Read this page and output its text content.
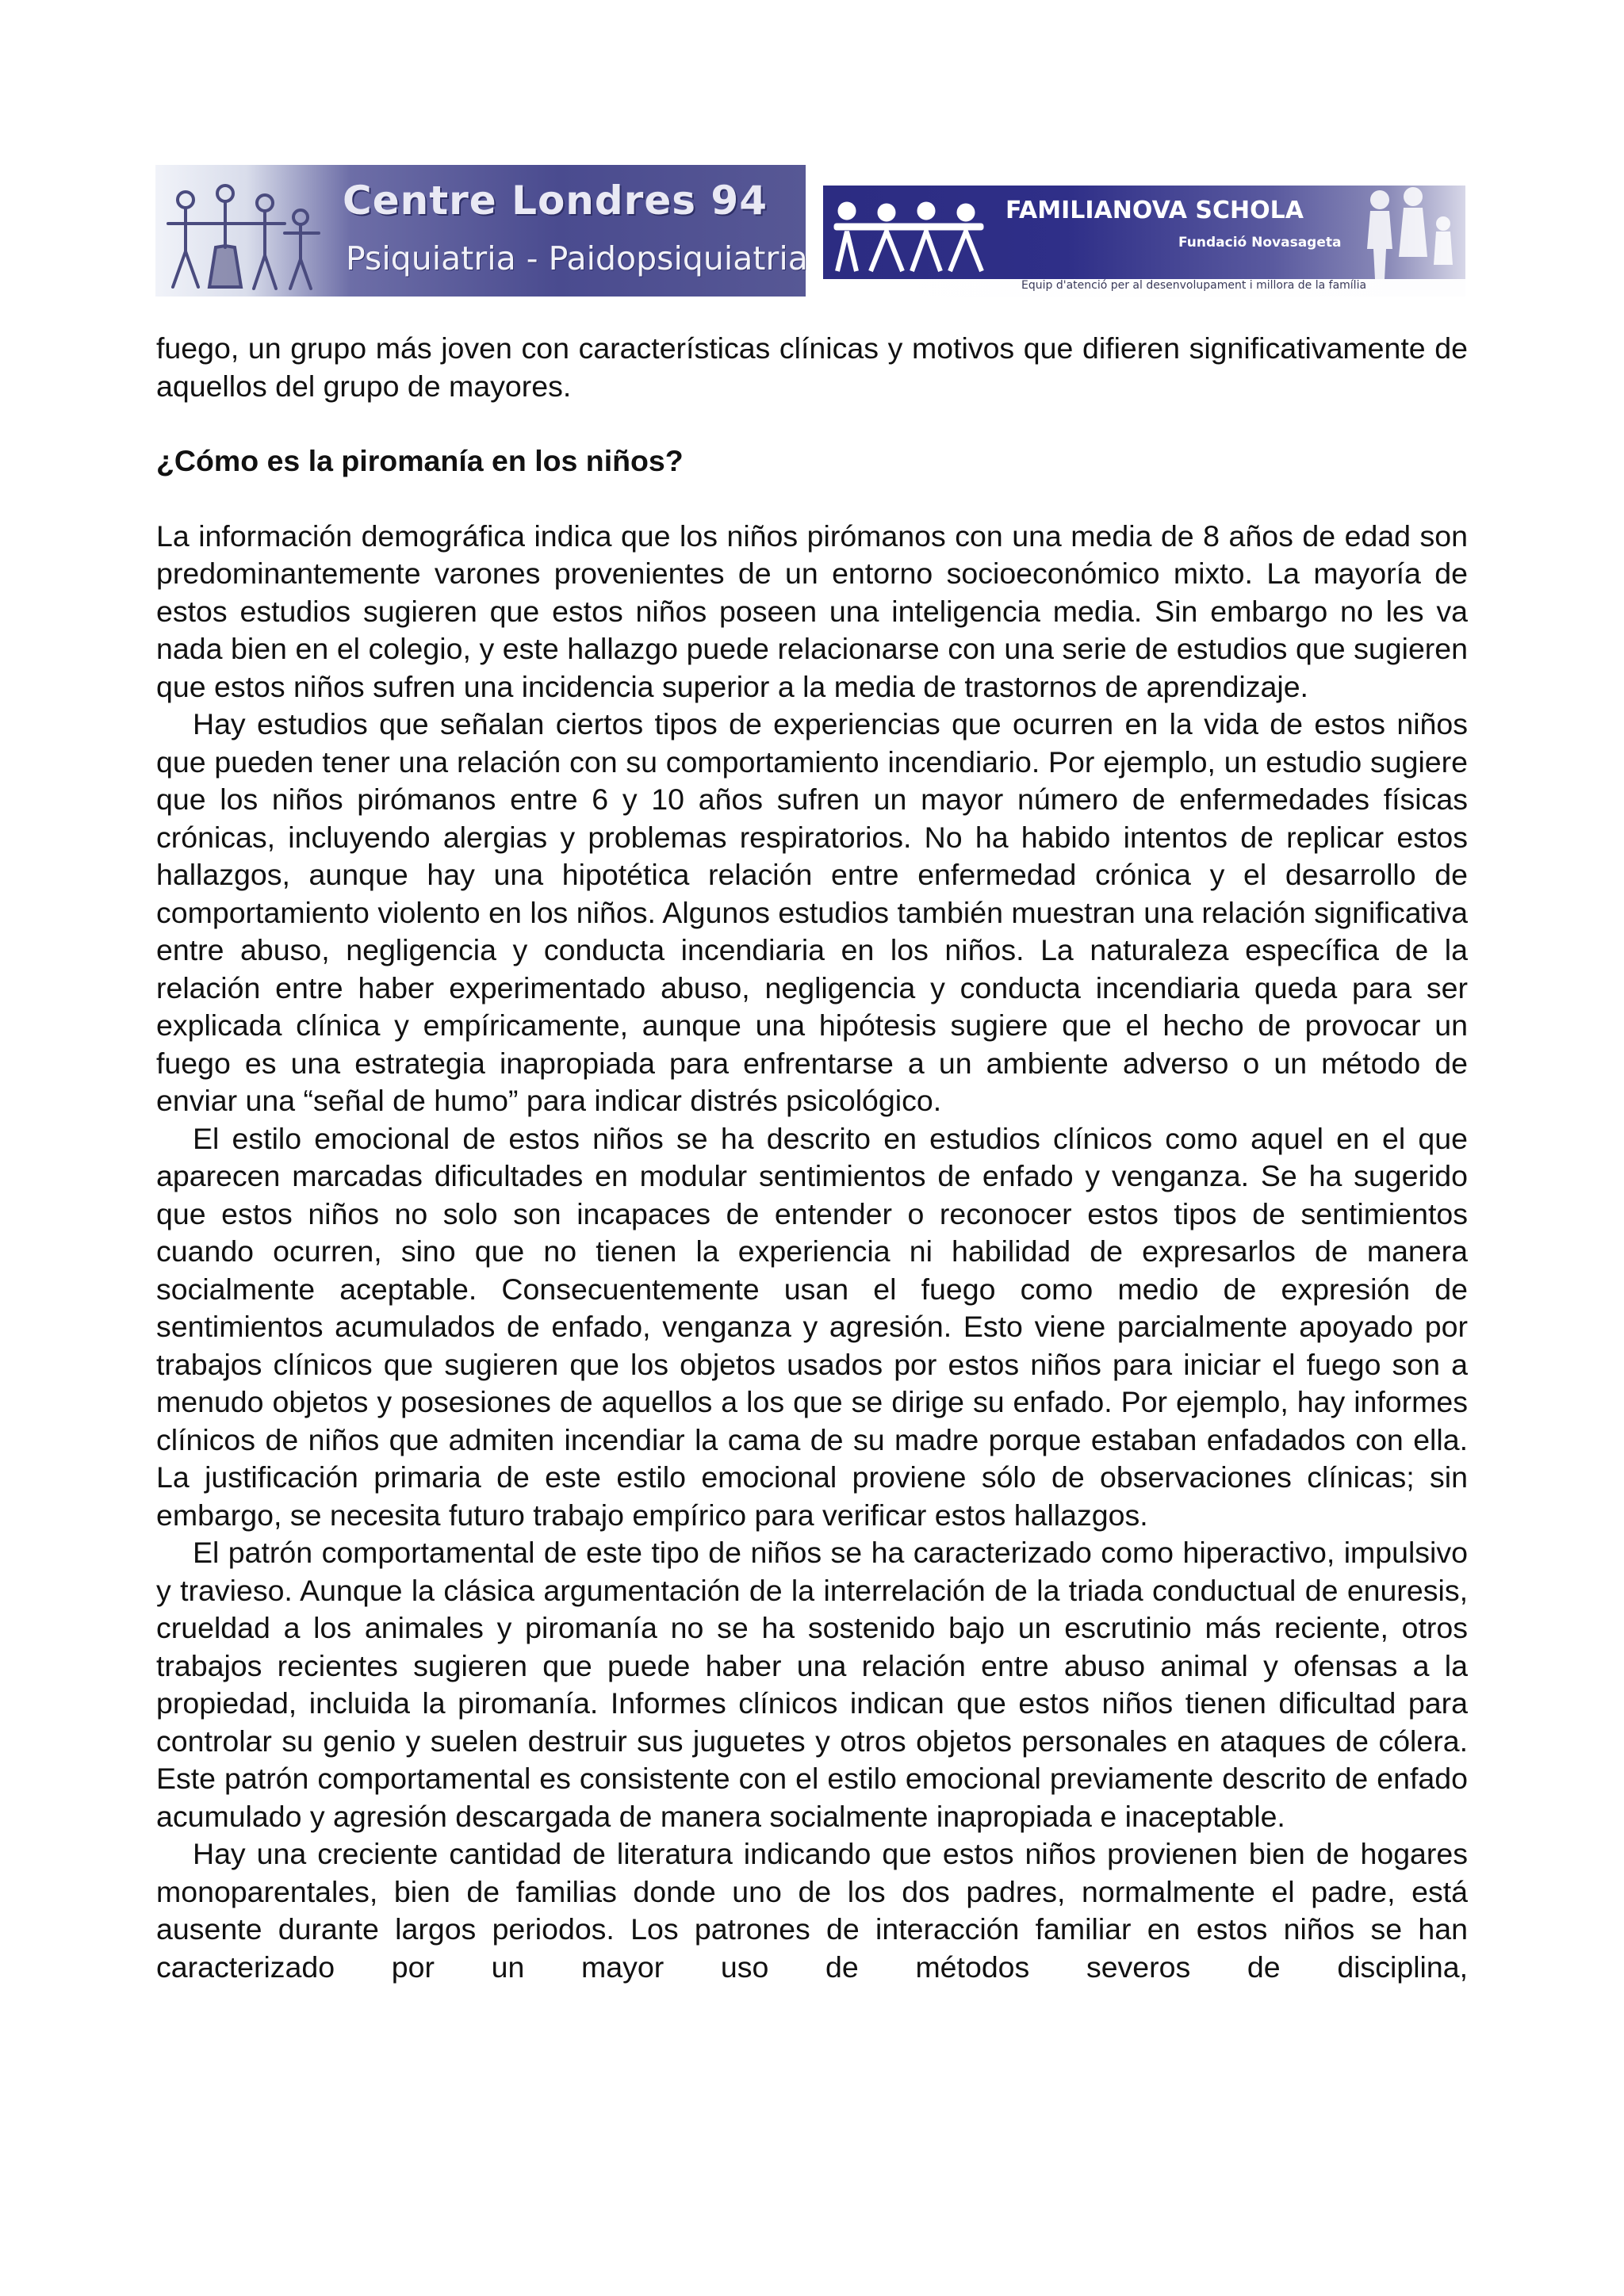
Centre Londres 94

Psiquiatria - Paidopsiquiatria

FAMILIANOVA SCHOLA

Fundació Novasageta

Equip d'atenció per al desenvolupament i millora de la família

fuego, un grupo más joven con características clínicas y motivos que difieren significativamente de aquellos del grupo de mayores.

¿Cómo es la piromanía en los niños?

La información demográfica indica que los niños pirómanos con una media de 8 años de edad son predominantemente varones provenientes de un entorno socioeconómico mixto. La mayoría de estos estudios sugieren que estos niños poseen una inteligencia media. Sin embargo no les va nada bien en el colegio, y este hallazgo puede relacionarse con una serie de estudios que sugieren que estos niños sufren una incidencia superior a la media de trastornos de aprendizaje.

Hay estudios que señalan ciertos tipos de experiencias que ocurren en la vida de estos niños que pueden tener una relación con su comportamiento incendiario. Por ejemplo, un estudio sugiere que los niños pirómanos entre 6 y 10 años sufren un mayor número de enfermedades físicas crónicas, incluyendo alergias y problemas respiratorios. No ha habido intentos de replicar estos hallazgos, aunque hay una hipotética relación entre enfermedad crónica y el desarrollo de comportamiento violento en los niños. Algunos estudios también muestran una relación significativa entre abuso, negligencia y conducta incendiaria en los niños. La naturaleza específica de la relación entre haber experimentado abuso, negligencia y conducta incendiaria queda para ser explicada clínica y empíricamente, aunque una hipótesis sugiere que el hecho de provocar un fuego es una estrategia inapropiada para enfrentarse a un ambiente adverso o un método de enviar una “señal de humo” para indicar distrés psicológico.

El estilo emocional de estos niños se ha descrito en estudios clínicos como aquel en el que aparecen marcadas dificultades en modular sentimientos de enfado y venganza. Se ha sugerido que estos niños no solo son incapaces de entender o reconocer estos tipos de sentimientos cuando ocurren, sino que no tienen la experiencia ni habilidad de expresarlos de manera socialmente aceptable. Consecuentemente usan el fuego como medio de expresión de sentimientos acumulados de enfado, venganza y agresión. Esto viene parcialmente apoyado por trabajos clínicos que sugieren que los objetos usados por estos niños para iniciar el fuego son a menudo objetos y posesiones de aquellos a los que se dirige su enfado. Por ejemplo, hay informes clínicos de niños que admiten incendiar la cama de su madre porque estaban enfadados con ella. La justificación primaria de este estilo emocional proviene sólo de observaciones clínicas; sin embargo, se necesita futuro trabajo empírico para verificar estos hallazgos.

El patrón comportamental de este tipo de niños se ha caracterizado como hiperactivo, impulsivo y travieso. Aunque la clásica argumentación de la interrelación de la triada conductual de enuresis, crueldad a los animales y piromanía no se ha sostenido bajo un escrutinio más reciente, otros trabajos recientes sugieren que puede haber una relación entre abuso animal y ofensas a la propiedad, incluida la piromanía. Informes clínicos indican que estos niños tienen dificultad para controlar su genio y suelen destruir sus juguetes y otros objetos personales en ataques de cólera. Este patrón comportamental es consistente con el estilo emocional previamente descrito de enfado acumulado y agresión descargada de manera socialmente inapropiada e inaceptable.

Hay una creciente cantidad de literatura indicando que estos niños provienen bien de hogares monoparentales, bien de familias donde uno de los dos padres, normalmente el padre, está ausente durante largos periodos. Los patrones de interacción familiar en estos niños se han caracterizado por un mayor uso de métodos severos de disciplina,
